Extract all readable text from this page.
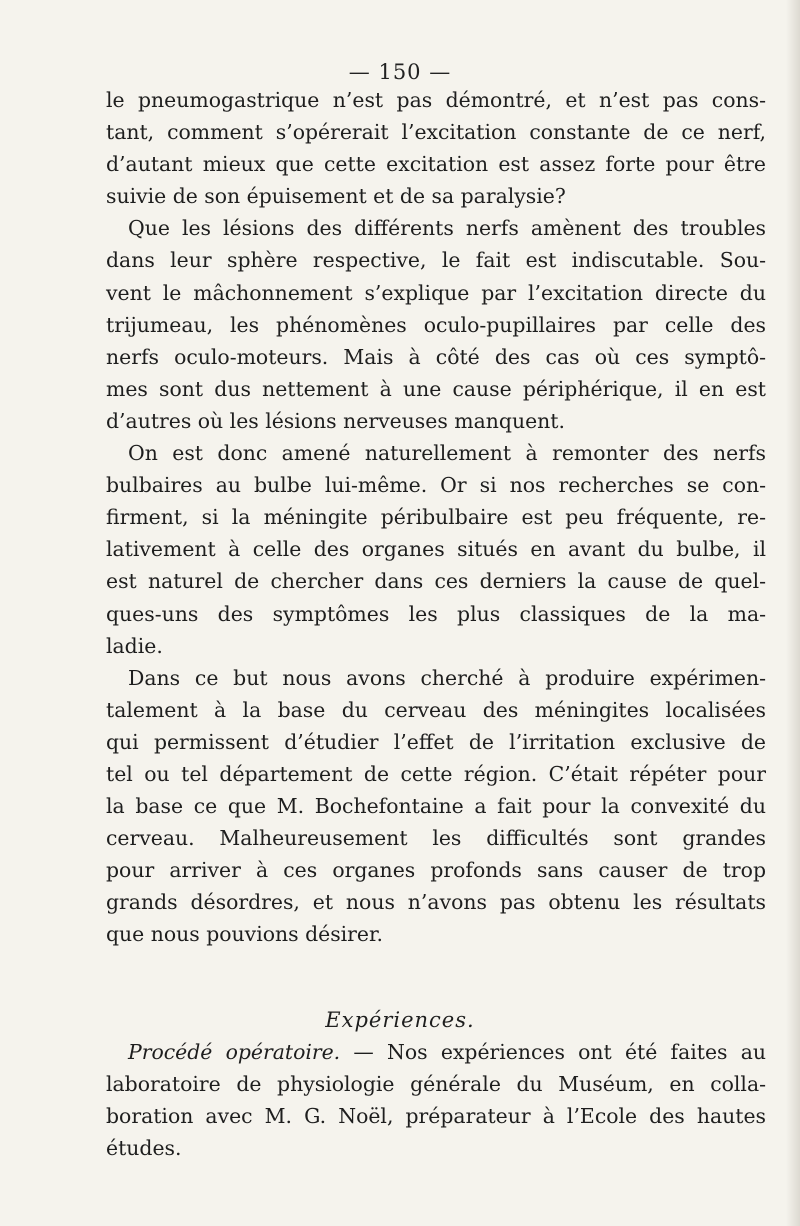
— 150 —
le pneumogastrique n’est pas démontré, et n’est pas cons-
tant, comment s’opérerait l’excitation constante de ce nerf,
d’autant mieux que cette excitation est assez forte pour être
suivie de son épuisement et de sa paralysie?
Que les lésions des différents nerfs amènent des troubles
dans leur sphère respective, le fait est indiscutable. Sou-
vent le mâchonnement s’explique par l’excitation directe du
trijumeau, les phénomènes oculo-pupillaires par celle des
nerfs oculo-moteurs. Mais à côté des cas où ces symptô-
mes sont dus nettement à une cause périphérique, il en est
d’autres où les lésions nerveuses manquent.
On est donc amené naturellement à remonter des nerfs
bulbaires au bulbe lui-même. Or si nos recherches se con-
firment, si la méningite péribulbaire est peu fréquente, re-
lativement à celle des organes situés en avant du bulbe, il
est naturel de chercher dans ces derniers la cause de quel-
ques-uns des symptômes les plus classiques de la ma-
ladie.
Dans ce but nous avons cherché à produire expérimen-
talement à la base du cerveau des méningites localisées
qui permissent d’étudier l’effet de l’irritation exclusive de
tel ou tel département de cette région. C’était répéter pour
la base ce que M. Bochefontaine a fait pour la convexité du
cerveau. Malheureusement les difficultés sont grandes
pour arriver à ces organes profonds sans causer de trop
grands désordres, et nous n’avons pas obtenu les résultats
que nous pouvions désirer.
Expériences.
Procédé opératoire. — Nos expériences ont été faites au
laboratoire de physiologie générale du Muséum, en colla-
boration avec M. G. Noël, préparateur à l’Ecole des hautes
études.
